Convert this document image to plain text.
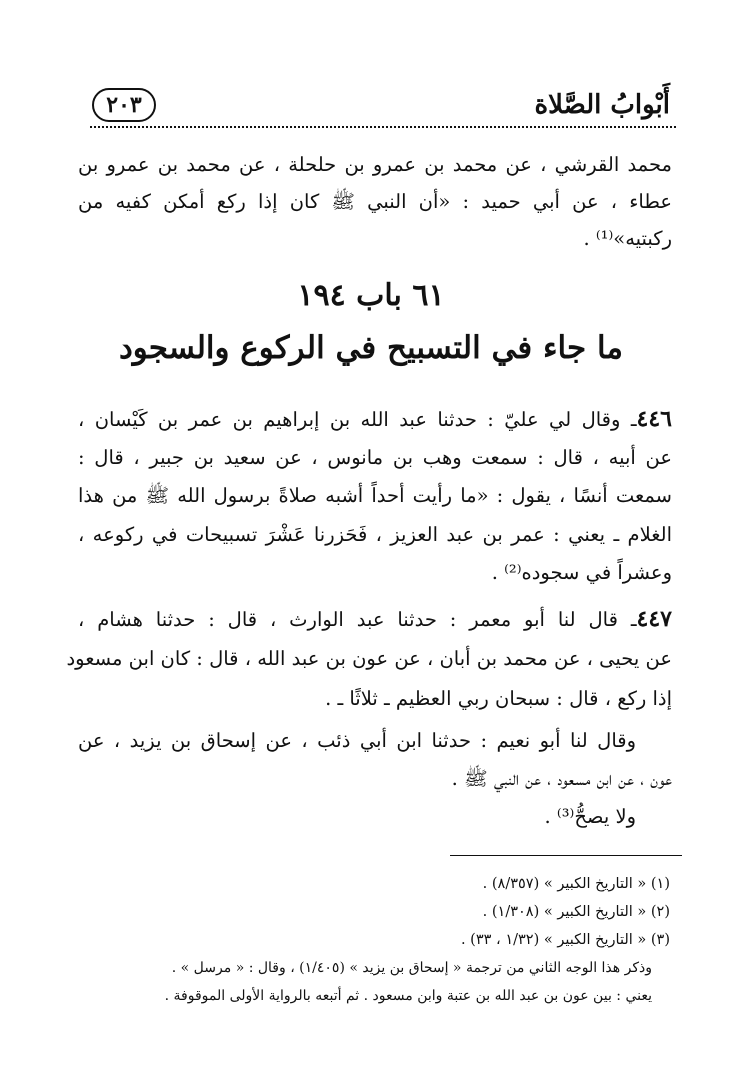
أَبْوابُ الصَّلاة
٢٠٣
محمد القرشي ، عن محمد بن عمرو بن حلحلة ، عن محمد بن عمرو بن
عطاء ، عن أبي حميد : «أن النبي ﷺ كان إذا ركع أمكن كفيه من
ركبتيه»⁽¹⁾ .
٦١ باب ١٩٤
ما جاء في التسبيح في الركوع والسجود
٤٤٦ـ وقال لي عليّ : حدثنا عبد الله بن إبراهيم بن عمر بن كَيْسان ،
عن أبيه ، قال : سمعت وهب بن مانوس ، عن سعيد بن جبير ، قال :
سمعت أنسًا ، يقول : «ما رأيت أحداً أشبه صلاةً برسول الله ﷺ من هذا
الغلام ـ يعني : عمر بن عبد العزيز ، فَحَزرنا عَشْرَ تسبيحات في ركوعه ،
وعشراً في سجوده⁽²⁾ .
٤٤٧ـ قال لنا أبو معمر : حدثنا عبد الوارث ، قال : حدثنا هشام ،
عن يحيى ، عن محمد بن أبان ، عن عون بن عبد الله ، قال : كان ابن مسعود
إذا ركع ، قال : سبحان ربي العظيم ـ ثلاثًا ـ .
وقال لنا أبو نعيم : حدثنا ابن أبي ذئب ، عن إسحاق بن يزيد ، عن
عون ، عن ابن مسعود ، عن النبي ﷺ .
ولا يصحُّ⁽³⁾ .
(١) « التاريخ الكبير » (٨/٣٥٧) .
(٢) « التاريخ الكبير » (١/٣٠٨) .
(٣) « التاريخ الكبير » (١/٣٢ ، ٣٣) .
وذكر هذا الوجه الثاني من ترجمة « إسحاق بن يزيد » (١/٤٠٥) ، وقال : « مرسل » .
يعني : بين عون بن عبد الله بن عتبة وابن مسعود . ثم أتبعه بالرواية الأولى الموقوفة .
